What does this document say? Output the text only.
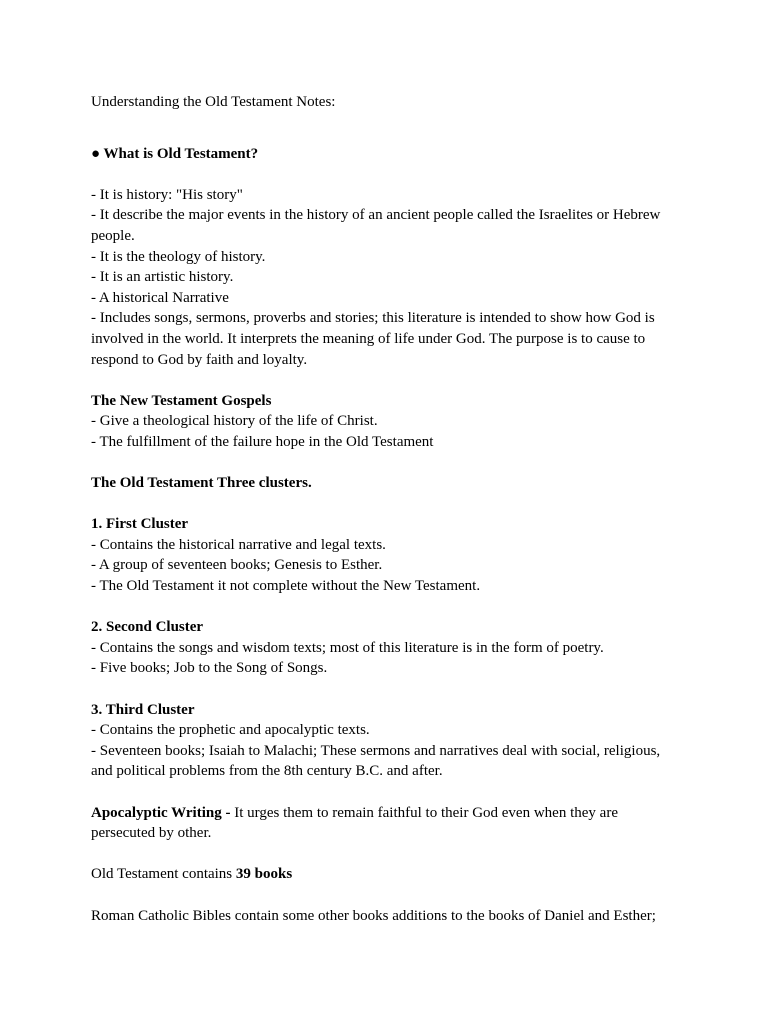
Understanding the Old Testament Notes:

● What is Old Testament?

- It is history: "His story"

- It describe the major events in the history of an ancient people called the Israelites or Hebrew people.

- It is the theology of history.

- It is an artistic history.

- A historical Narrative

- Includes songs, sermons, proverbs and stories; this literature is intended to show how God is involved in the world. It interprets the meaning of life under God. The purpose is to cause to respond to God by faith and loyalty.

The New Testament Gospels

- Give a theological history of the life of Christ.

- The fulfillment of the failure hope in the Old Testament

The Old Testament Three clusters.

1. First Cluster

- Contains the historical narrative and legal texts.

- A group of seventeen books; Genesis to Esther.

- The Old Testament it not complete without the New Testament.

2. Second Cluster

- Contains the songs and wisdom texts; most of this literature is in the form of poetry.

- Five books; Job to the Song of Songs.

3. Third Cluster

- Contains the prophetic and apocalyptic texts.

- Seventeen books; Isaiah to Malachi; These sermons and narratives deal with social, religious, and political problems from the 8th century B.C. and after.

Apocalyptic Writing - It urges them to remain faithful to their God even when they are persecuted by other.

Old Testament contains 39 books

Roman Catholic Bibles contain some other books additions to the books of Daniel and Esther;
